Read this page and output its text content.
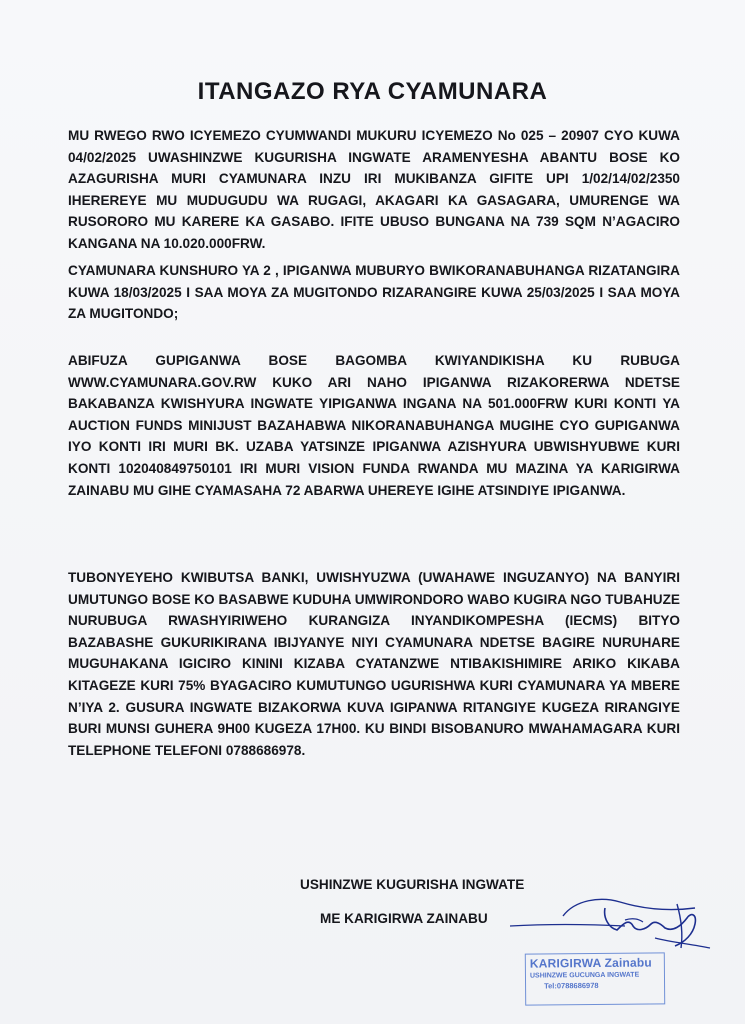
ITANGAZO RYA CYAMUNARA

MU RWEGO RWO ICYEMEZO CYUMWANDI MUKURU ICYEMEZO No 025 – 20907 CYO KUWA 04/02/2025 UWASHINZWE KUGURISHA INGWATE ARAMENYESHA ABANTU BOSE KO AZAGURISHA MURI CYAMUNARA INZU IRI MUKIBANZA GIFITE UPI 1/02/14/02/2350 IHEREREYE MU MUDUGUDU WA RUGAGI, AKAGARI KA GASAGARA, UMURENGE WA RUSORORO MU KARERE KA GASABO. IFITE UBUSO BUNGANA NA 739 SQM N’AGACIRO KANGANA NA 10.020.000FRW.

CYAMUNARA KUNSHURO YA 2 , IPIGANWA MUBURYO BWIKORANABUHANGA RIZATANGIRA KUWA 18/03/2025 I SAA MOYA ZA MUGITONDO RIZARANGIRE KUWA 25/03/2025 I SAA MOYA ZA MUGITONDO;

ABIFUZA GUPIGANWA BOSE BAGOMBA KWIYANDIKISHA KU RUBUGA WWW.CYAMUNARA.GOV.RW KUKO ARI NAHO IPIGANWA RIZAKORERWA NDETSE BAKABANZA KWISHYURA INGWATE YIPIGANWA INGANA NA 501.000FRW KURI KONTI YA AUCTION FUNDS MINIJUST BAZAHABWA NIKORANABUHANGA MUGIHE CYO GUPIGANWA IYO KONTI IRI MURI BK. UZABA YATSINZE IPIGANWA AZISHYURA UBWISHYUBWE KURI KONTI 102040849750101 IRI MURI VISION FUNDA RWANDA MU MAZINA YA KARIGIRWA ZAINABU MU GIHE CYAMASAHA 72 ABARWA UHEREYE IGIHE ATSINDIYE IPIGANWA.

TUBONYEYEHO KWIBUTSA BANKI, UWISHYUZWA (UWAHAWE INGUZANYO) NA BANYIRI UMUTUNGO BOSE KO BASABWE KUDUHA UMWIRONDORO WABO KUGIRA NGO TUBAHUZE NURUBUGA RWASHYIRIWEHO KURANGIZA INYANDIKOMPESHA (IECMS) BITYO BAZABASHE GUKURIKIRANA IBIJYANYE NIYI CYAMUNARA NDETSE BAGIRE NURUHARE MUGUHAKANA IGICIRO KININI KIZABA CYATANZWE NTIBAKISHIMIRE ARIKO KIKABA KITAGEZE KURI 75% BYAGACIRO KUMUTUNGO UGURISHWA KURI CYAMUNARA YA MBERE N’IYA 2. GUSURA INGWATE BIZAKORWA KUVA IGIPANWA RITANGIYE KUGEZA RIRANGIYE BURI MUNSI GUHERA 9H00 KUGEZA 17H00. KU BINDI BISOBANURO MWAHAMAGARA KURI TELEPHONE TELEFONI 0788686978.

USHINZWE KUGURISHA INGWATE
ME KARIGIRWA ZAINABU
KARIGIRWA Zainabu
USHINZWE GUCUNGA INGWATE
Tel:0788686978
